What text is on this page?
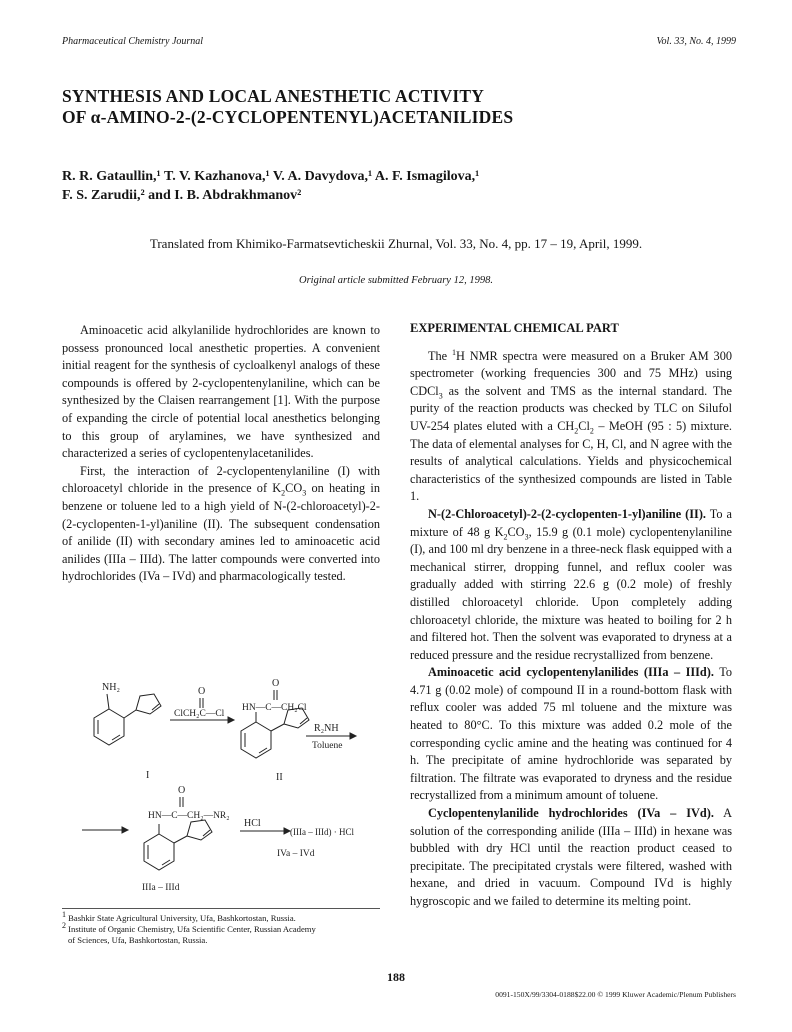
Pharmaceutical Chemistry Journal	Vol. 33, No. 4, 1999
SYNTHESIS AND LOCAL ANESTHETIC ACTIVITY
OF α-AMINO-2-(2-CYCLOPENTENYL)ACETANILIDES
R. R. Gataullin,¹ T. V. Kazhanova,¹ V. A. Davydova,¹ A. F. Ismagilova,¹
F. S. Zarudii,² and I. B. Abdrakhmanov²
Translated from Khimiko-Farmatsevticheskii Zhurnal, Vol. 33, No. 4, pp. 17 – 19, April, 1999.
Original article submitted February 12, 1998.

Aminoacetic acid alkylanilide hydrochlorides are known to possess pronounced local anesthetic properties. A convenient initial reagent for the synthesis of cycloalkenyl analogs of these compounds is offered by 2-cyclopentenylaniline, which can be synthesized by the Claisen rearrangement [1]. With the purpose of expanding the circle of potential local anesthetics belonging to this group of arylamines, we have synthesized and characterized a series of cyclopentenylacetanilides.

First, the interaction of 2-cyclopentenylaniline (I) with chloroacetyl chloride in the presence of $K_2CO_3$ on heating in benzene or toluene led to a high yield of N-(2-chloroacetyl)-2-(2-cyclopenten-1-yl)aniline (II). The subsequent condensation of anilide (II) with secondary amines led to aminoacetic acid anilides (IIIa – IIId). The latter compounds were converted into hydrochlorides (IVa – IVd) and pharmacologically tested.

NH₂	O
ClCH₂C—Cl
O
HN—C—CH₂Cl
R₂NH
Toluene
I	II
O
HN—C—CH₂—NR₂
HCl
(IIIa – IIId) · HCl
IVa – IVd
IIIa – IIId
$^1$ Bashkir State Agricultural University, Ufa, Bashkortostan, Russia.
$^2$ Institute of Organic Chemistry, Ufa Scientific Center, Russian Academy
of Sciences, Ufa, Bashkortostan, Russia.
EXPERIMENTAL CHEMICAL PART

The $^1$H NMR spectra were measured on a Bruker AM 300 spectrometer (working frequencies 300 and 75 MHz) using CDCl$_3$ as the solvent and TMS as the internal standard. The purity of the reaction products was checked by TLC on Silufol UV-254 plates eluted with a $CH_2Cl_2$ – MeOH (95 : 5) mixture. The data of elemental analyses for C, H, Cl, and N agree with the results of analytical calculations. Yields and physicochemical characteristics of the synthesized compounds are listed in Table 1.

N-(2-Chloroacetyl)-2-(2-cyclopenten-1-yl)aniline (II). To a mixture of 48 g $K_2CO_3$, 15.9 g (0.1 mole) cyclopentenylaniline (I), and 100 ml dry benzene in a three-neck flask equipped with a mechanical stirrer, dropping funnel, and reflux cooler was gradually added with stirring 22.6 g (0.2 mole) of freshly distilled chloroacetyl chloride. Upon completely adding chloroacetyl chloride, the mixture was heated to boiling for 2 h and filtered hot. Then the solvent was evaporated to dryness at a reduced pressure and the residue recrystallized from benzene.

Aminoacetic acid cyclopentenylanilides (IIIa – IIId). To 4.71 g (0.02 mole) of compound II in a round-bottom flask with reflux cooler was added 75 ml toluene and the mixture was heated to 80°C. To this mixture was added 0.2 mole of the corresponding cyclic amine and the heating was continued for 4 h. The precipitate of amine hydrochloride was separated by filtration. The filtrate was evaporated to dryness and the residue recrystallized from a minimum amount of toluene.

Cyclopentenylanilide hydrochlorides (IVa – IVd). A solution of the corresponding anilide (IIIa – IIId) in hexane was bubbled with dry HCl until the reaction product ceased to precipitate. The precipitated crystals were filtered, washed with hexane, and dried in vacuum. Compound IVd is highly hygroscopic and we failed to determine its melting point.

188
0091-150X/99/3304-0188$22.00 © 1999 Kluwer Academic/Plenum Publishers
